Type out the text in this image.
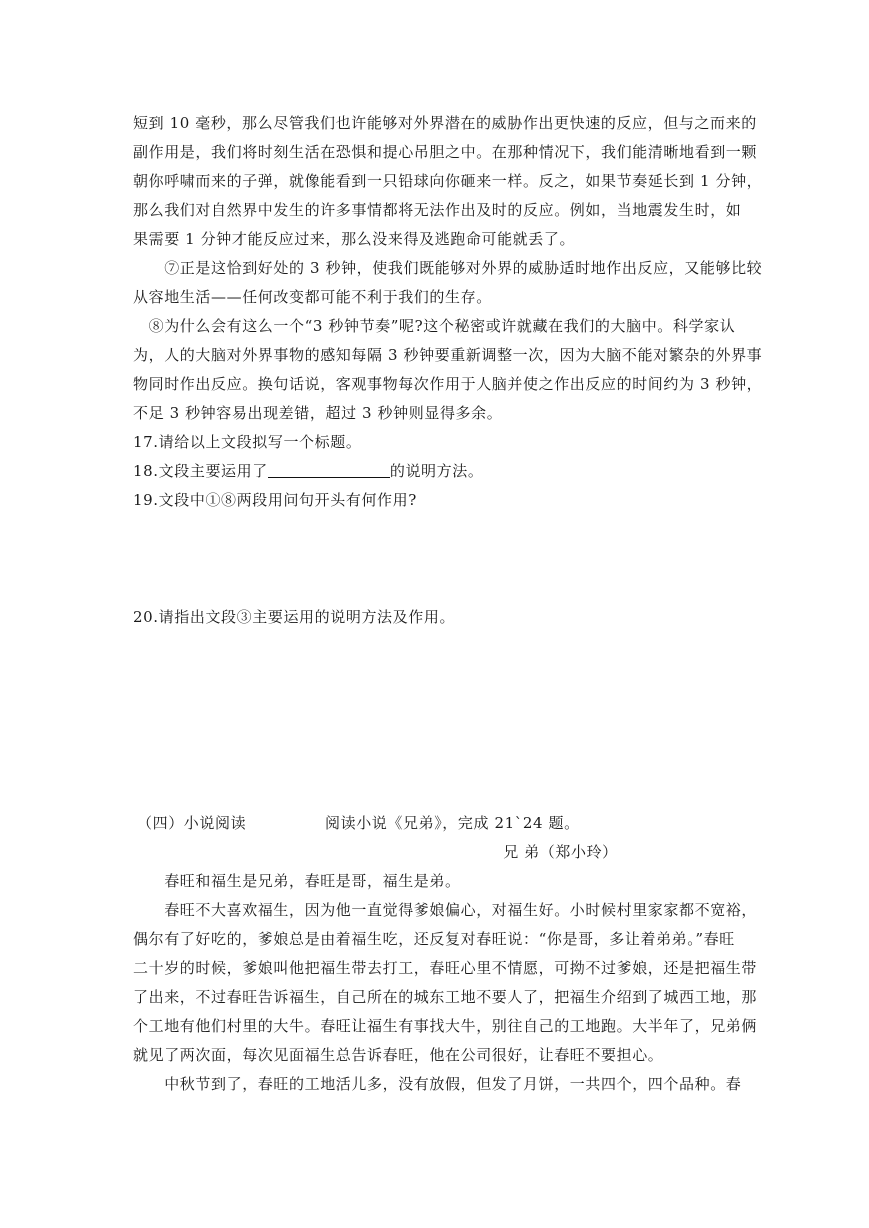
短到 10 毫秒，那么尽管我们也许能够对外界潜在的威胁作出更快速的反应，但与之而来的
副作用是，我们将时刻生活在恐惧和提心吊胆之中。在那种情况下，我们能清晰地看到一颗
朝你呼啸而来的子弹，就像能看到一只铅球向你砸来一样。反之，如果节奏延长到 1 分钟，
那么我们对自然界中发生的许多事情都将无法作出及时的反应。例如，当地震发生时，如
果需要 1 分钟才能反应过来，那么没来得及逃跑命可能就丢了。
　　⑦正是这恰到好处的 3 秒钟，使我们既能够对外界的威胁适时地作出反应，又能够比较
从容地生活——任何改变都可能不利于我们的生存。
　⑧为什么会有这么一个“3 秒钟节奏”呢?这个秘密或许就藏在我们的大脑中。科学家认
为，人的大脑对外界事物的感知每隔 3 秒钟要重新调整一次，因为大脑不能对繁杂的外界事
物同时作出反应。换句话说，客观事物每次作用于人脑并使之作出反应的时间约为 3 秒钟，
不足 3 秒钟容易出现差错，超过 3 秒钟则显得多余。
17.请给以上文段拟写一个标题。
18.文段主要运用了	的说明方法。
19.文段中①⑧两段用问句开头有何作用?
20.请指出文段③主要运用的说明方法及作用。
（四）小说阅读	阅读小说《兄弟》，完成 21`24 题。
兄 弟（郑小玲）
　　春旺和福生是兄弟，春旺是哥，福生是弟。
　　春旺不大喜欢福生，因为他一直觉得爹娘偏心，对福生好。小时候村里家家都不宽裕，
偶尔有了好吃的，爹娘总是由着福生吃，还反复对春旺说：“你是哥，多让着弟弟。”春旺
二十岁的时候，爹娘叫他把福生带去打工，春旺心里不情愿，可拗不过爹娘，还是把福生带
了出来，不过春旺告诉福生，自己所在的城东工地不要人了，把福生介绍到了城西工地，那
个工地有他们村里的大牛。春旺让福生有事找大牛，别往自己的工地跑。大半年了，兄弟俩
就见了两次面，每次见面福生总告诉春旺，他在公司很好，让春旺不要担心。
　　中秋节到了，春旺的工地活儿多，没有放假，但发了月饼，一共四个，四个品种。春
